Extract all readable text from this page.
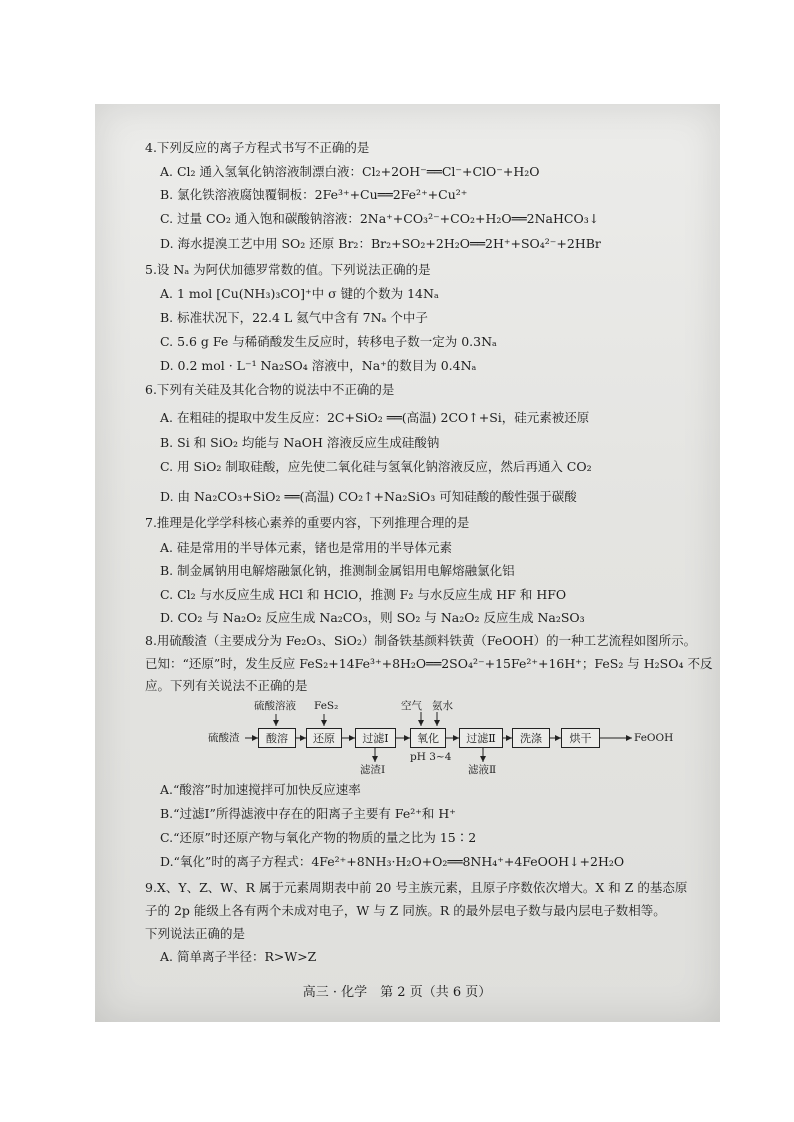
4.下列反应的离子方程式书写不正确的是
A. Cl₂ 通入氢氧化钠溶液制漂白液：Cl₂+2OH⁻══Cl⁻+ClO⁻+H₂O
B. 氯化铁溶液腐蚀覆铜板：2Fe³⁺+Cu══2Fe²⁺+Cu²⁺
C. 过量 CO₂ 通入饱和碳酸钠溶液：2Na⁺+CO₃²⁻+CO₂+H₂O══2NaHCO₃↓
D. 海水提溴工艺中用 SO₂ 还原 Br₂：Br₂+SO₂+2H₂O══2H⁺+SO₄²⁻+2HBr
5.设 Nₐ 为阿伏加德罗常数的值。下列说法正确的是
A. 1 mol [Cu(NH₃)₃CO]⁺中 σ 键的个数为 14Nₐ
B. 标准状况下，22.4 L 氦气中含有 7Nₐ 个中子
C. 5.6 g Fe 与稀硝酸发生反应时，转移电子数一定为 0.3Nₐ
D. 0.2 mol · L⁻¹ Na₂SO₄ 溶液中，Na⁺的数目为 0.4Nₐ
6.下列有关硅及其化合物的说法中不正确的是
A. 在粗硅的提取中发生反应：2C+SiO₂ ══(高温) 2CO↑+Si，硅元素被还原
B. Si 和 SiO₂ 均能与 NaOH 溶液反应生成硅酸钠
C. 用 SiO₂ 制取硅酸，应先使二氧化硅与氢氧化钠溶液反应，然后再通入 CO₂
D. 由 Na₂CO₃+SiO₂ ══(高温) CO₂↑+Na₂SiO₃ 可知硅酸的酸性强于碳酸
7.推理是化学学科核心素养的重要内容，下列推理合理的是
A. 硅是常用的半导体元素，锗也是常用的半导体元素
B. 制金属钠用电解熔融氯化钠，推测制金属铝用电解熔融氯化铝
C. Cl₂ 与水反应生成 HCl 和 HClO，推测 F₂ 与水反应生成 HF 和 HFO
D. CO₂ 与 Na₂O₂ 反应生成 Na₂CO₃，则 SO₂ 与 Na₂O₂ 反应生成 Na₂SO₃
8.用硫酸渣（主要成分为 Fe₂O₃、SiO₂）制备铁基颜料铁黄（FeOOH）的一种工艺流程如图所示。
已知：“还原”时，发生反应 FeS₂+14Fe³⁺+8H₂O══2SO₄²⁻+15Fe²⁺+16H⁺；FeS₂ 与 H₂SO₄ 不反
应。下列有关说法不正确的是
硫酸渣	酸溶	还原	过滤Ⅰ	氧化	过滤Ⅱ	洗涤	烘干	FeOOH
硫酸溶液 FeS₂	空气 氨水
pH 3~4
滤渣Ⅰ	滤液Ⅱ
A.“酸溶”时加速搅拌可加快反应速率
B.“过滤Ⅰ”所得滤液中存在的阳离子主要有 Fe²⁺和 H⁺
C.“还原”时还原产物与氧化产物的物质的量之比为 15∶2
D.“氧化”时的离子方程式：4Fe²⁺+8NH₃·H₂O+O₂══8NH₄⁺+4FeOOH↓+2H₂O
9.X、Y、Z、W、R 属于元素周期表中前 20 号主族元素，且原子序数依次增大。X 和 Z 的基态原
子的 2p 能级上各有两个未成对电子，W 与 Z 同族。R 的最外层电子数与最内层电子数相等。
下列说法正确的是
A. 简单离子半径：R>W>Z
高三 · 化学　第 2 页（共 6 页）
